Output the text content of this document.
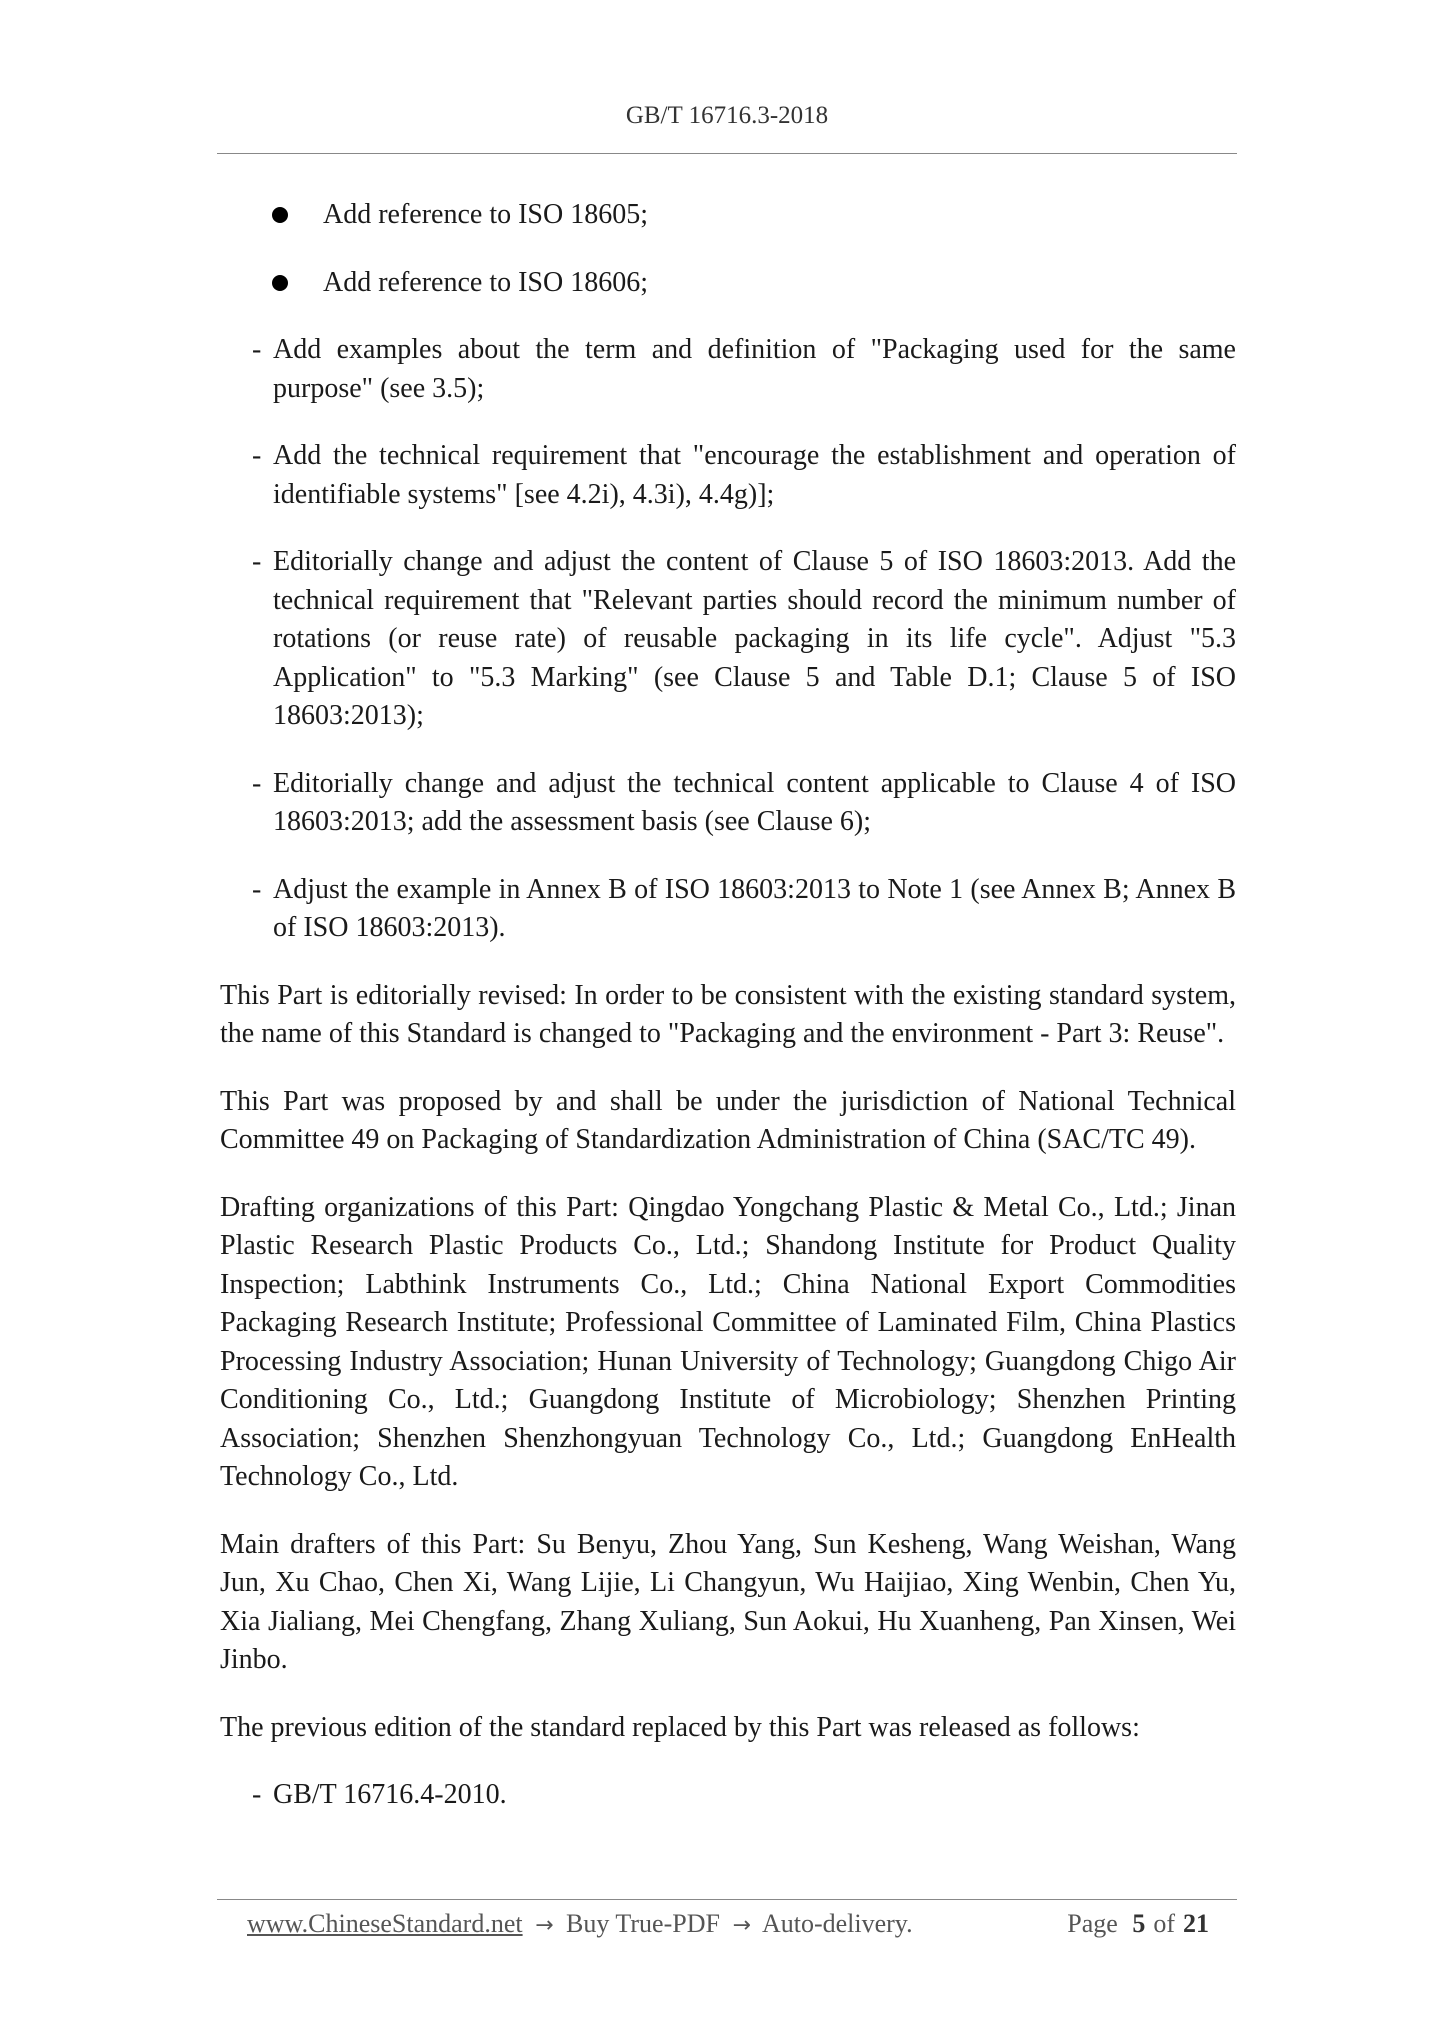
GB/T 16716.3-2018
Add reference to ISO 18605;
Add reference to ISO 18606;
- Add examples about the term and definition of "Packaging used for the same purpose" (see 3.5);
- Add the technical requirement that "encourage the establishment and operation of identifiable systems" [see 4.2i), 4.3i), 4.4g)];
- Editorially change and adjust the content of Clause 5 of ISO 18603:2013. Add the technical requirement that "Relevant parties should record the minimum number of rotations (or reuse rate) of reusable packaging in its life cycle". Adjust "5.3 Application" to "5.3 Marking" (see Clause 5 and Table D.1; Clause 5 of ISO 18603:2013);
- Editorially change and adjust the technical content applicable to Clause 4 of ISO 18603:2013; add the assessment basis (see Clause 6);
- Adjust the example in Annex B of ISO 18603:2013 to Note 1 (see Annex B; Annex B of ISO 18603:2013).

This Part is editorially revised: In order to be consistent with the existing standard system, the name of this Standard is changed to "Packaging and the environment - Part 3: Reuse".

This Part was proposed by and shall be under the jurisdiction of National Technical Committee 49 on Packaging of Standardization Administration of China (SAC/TC 49).

Drafting organizations of this Part: Qingdao Yongchang Plastic & Metal Co., Ltd.; Jinan Plastic Research Plastic Products Co., Ltd.; Shandong Institute for Product Quality Inspection; Labthink Instruments Co., Ltd.; China National Export Commodities Packaging Research Institute; Professional Committee of Laminated Film, China Plastics Processing Industry Association; Hunan University of Technology; Guangdong Chigo Air Conditioning Co., Ltd.; Guangdong Institute of Microbiology; Shenzhen Printing Association; Shenzhen Shenzhongyuan Technology Co., Ltd.; Guangdong EnHealth Technology Co., Ltd.

Main drafters of this Part: Su Benyu, Zhou Yang, Sun Kesheng, Wang Weishan, Wang Jun, Xu Chao, Chen Xi, Wang Lijie, Li Changyun, Wu Haijiao, Xing Wenbin, Chen Yu, Xia Jialiang, Mei Chengfang, Zhang Xuliang, Sun Aokui, Hu Xuanheng, Pan Xinsen, Wei Jinbo.

The previous edition of the standard replaced by this Part was released as follows:

- GB/T 16716.4-2010.
www.ChineseStandard.net → Buy True-PDF → Auto-delivery.	Page 5 of 21
